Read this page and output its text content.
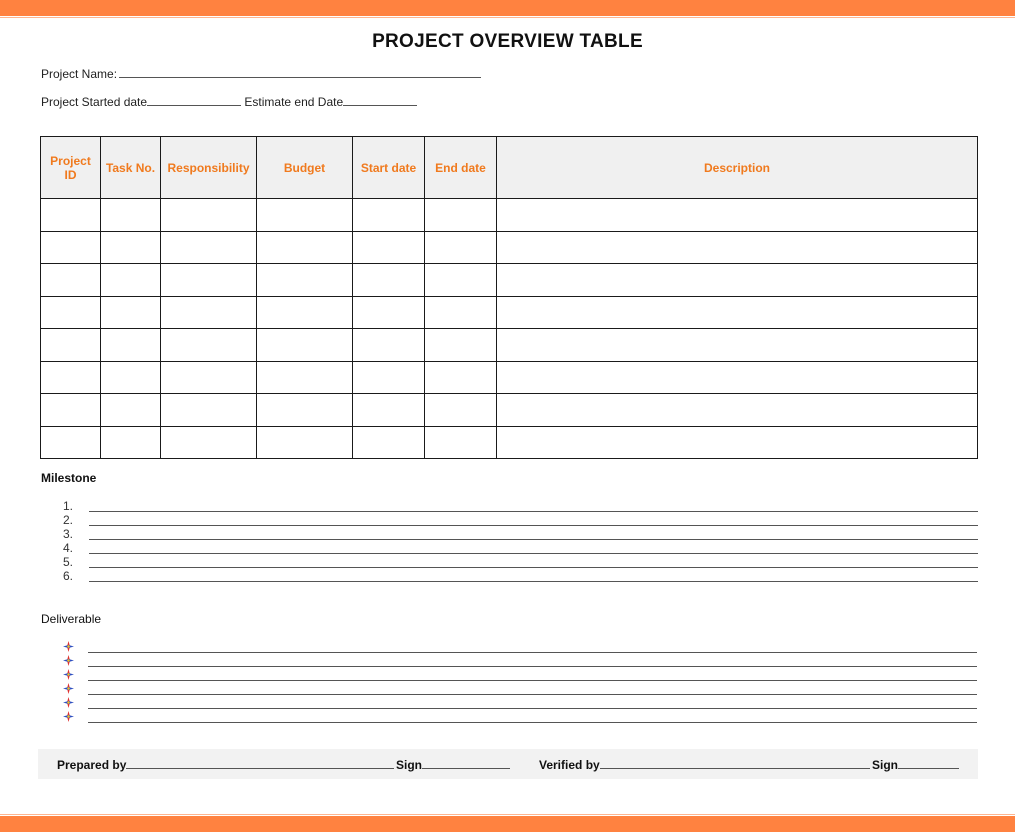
PROJECT OVERVIEW TABLE
Project Name:
Project Started date	Estimate end Date
Project ID	Task No.	Responsibility	Budget	Start date	End date	Description

Milestone
1.
2.
3.
4.
5.
6.
Deliverable
Prepared by	Sign	Verified by	Sign
